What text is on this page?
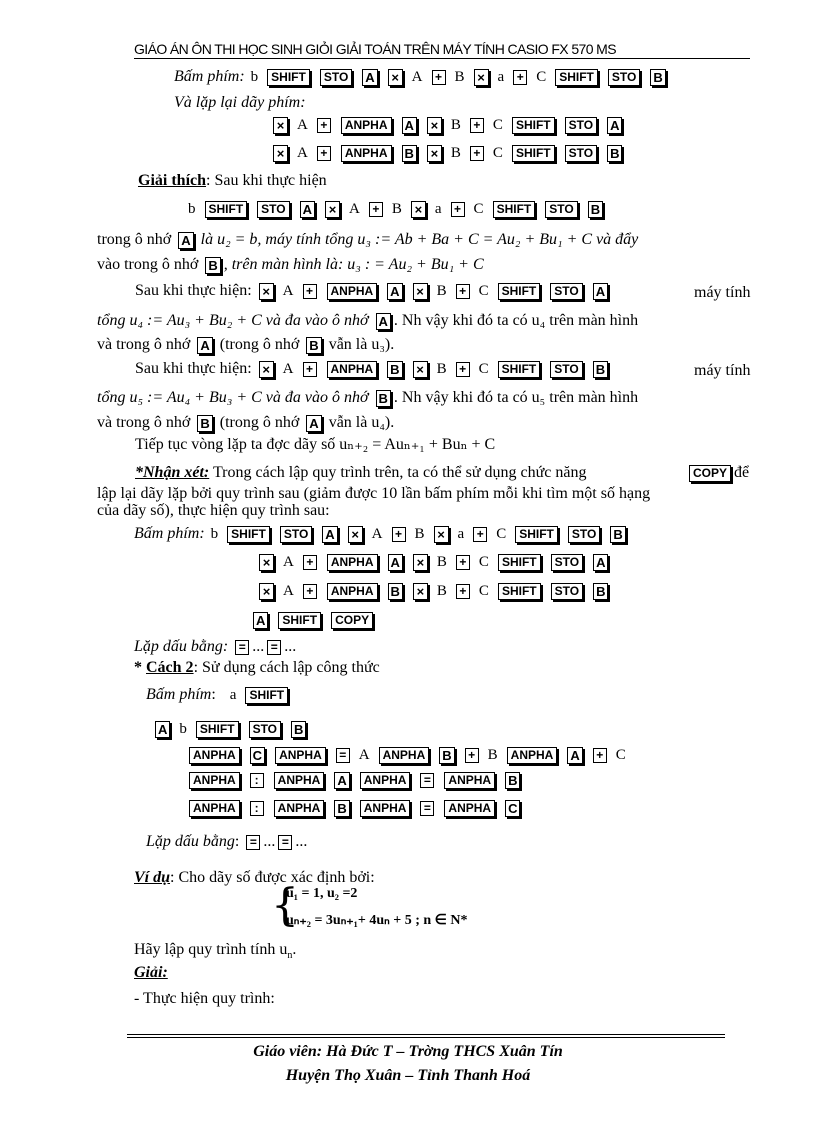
GIÁO ÁN ÔN THI HỌC SINH GIỎI GIẢI TOÁN TRÊN MÁY TÍNH CASIO FX 570 MS
Bấm phím: b SHIFT STO A × A + B × a + C SHIFT STO B
Và lặp lại dãy phím:
× A + ANPHA A × B + C SHIFT STO A
× A + ANPHA B × B + C SHIFT STO B
Giải thích: Sau khi thực hiện
b SHIFT STO A × A + B × a + C SHIFT STO B
trong ô nhớ A là u₂ = b, máy tính tổng u₃ := Ab + Ba + C = Au₂ + Bu₁ + C và đẩy
vào trong ô nhớ B , trên màn hình là: u₃ : = Au₂ + Bu₁ + C
Sau khi thực hiện: × A + ANPHA A × B + C SHIFT STO A	máy tính
tổng u₄ := Au₃ + Bu₂ + C và đa vào ô nhớ A . Nh vậy khi đó ta có u₄ trên màn hình
và trong ô nhớ A (trong ô nhớ B vẫn là u₃).
Sau khi thực hiện: × A + ANPHA B × B + C SHIFT STO B	máy tính
tổng u₅ := Au₄ + Bu₃ + C và đa vào ô nhớ B . Nh vậy khi đó ta có u₅ trên màn hình
và trong ô nhớ B (trong ô nhớ A vẫn là u₄).
Tiếp tục vòng lặp ta đợc dãy số uₙ₊₂ = Auₙ₊₁ + Buₙ + C
*Nhận xét: Trong cách lập quy trình trên, ta có thể sử dụng chức năng	COPY để
lập lại dãy lặp bởi quy trình sau (giảm được 10 lần bấm phím mỗi khi tìm một số hạng
của dãy số), thực hiện quy trình sau:
Bấm phím: b SHIFT STO A × A + B × a + C SHIFT STO B
× A + ANPHA A × B + C SHIFT STO A
× A + ANPHA B × B + C SHIFT STO B
A SHIFT COPY
Lặp dấu bằng: = ... = ...
* Cách 2: Sử dụng cách lập công thức
Bấm phím:   a SHIFT
A b SHIFT STO B
ANPHA C ANPHA = A ANPHA B + B ANPHA A + C
ANPHA : ANPHA A ANPHA = ANPHA B
ANPHA : ANPHA B ANPHA = ANPHA C
Lặp dấu bằng: = ... = ...
Ví dụ: Cho dãy số được xác định bởi:
{
u₁ = 1, u₂ =2
uₙ₊₂ = 3uₙ₊₁+ 4uₙ + 5 ; n ∈ N*
Hãy lập quy trình tính $u_n$.
Giải:
- Thực hiện quy trình:
Giáo viên: Hà Đức T – Trờng THCS Xuân Tín
Huyện Thọ Xuân – Tỉnh Thanh Hoá
